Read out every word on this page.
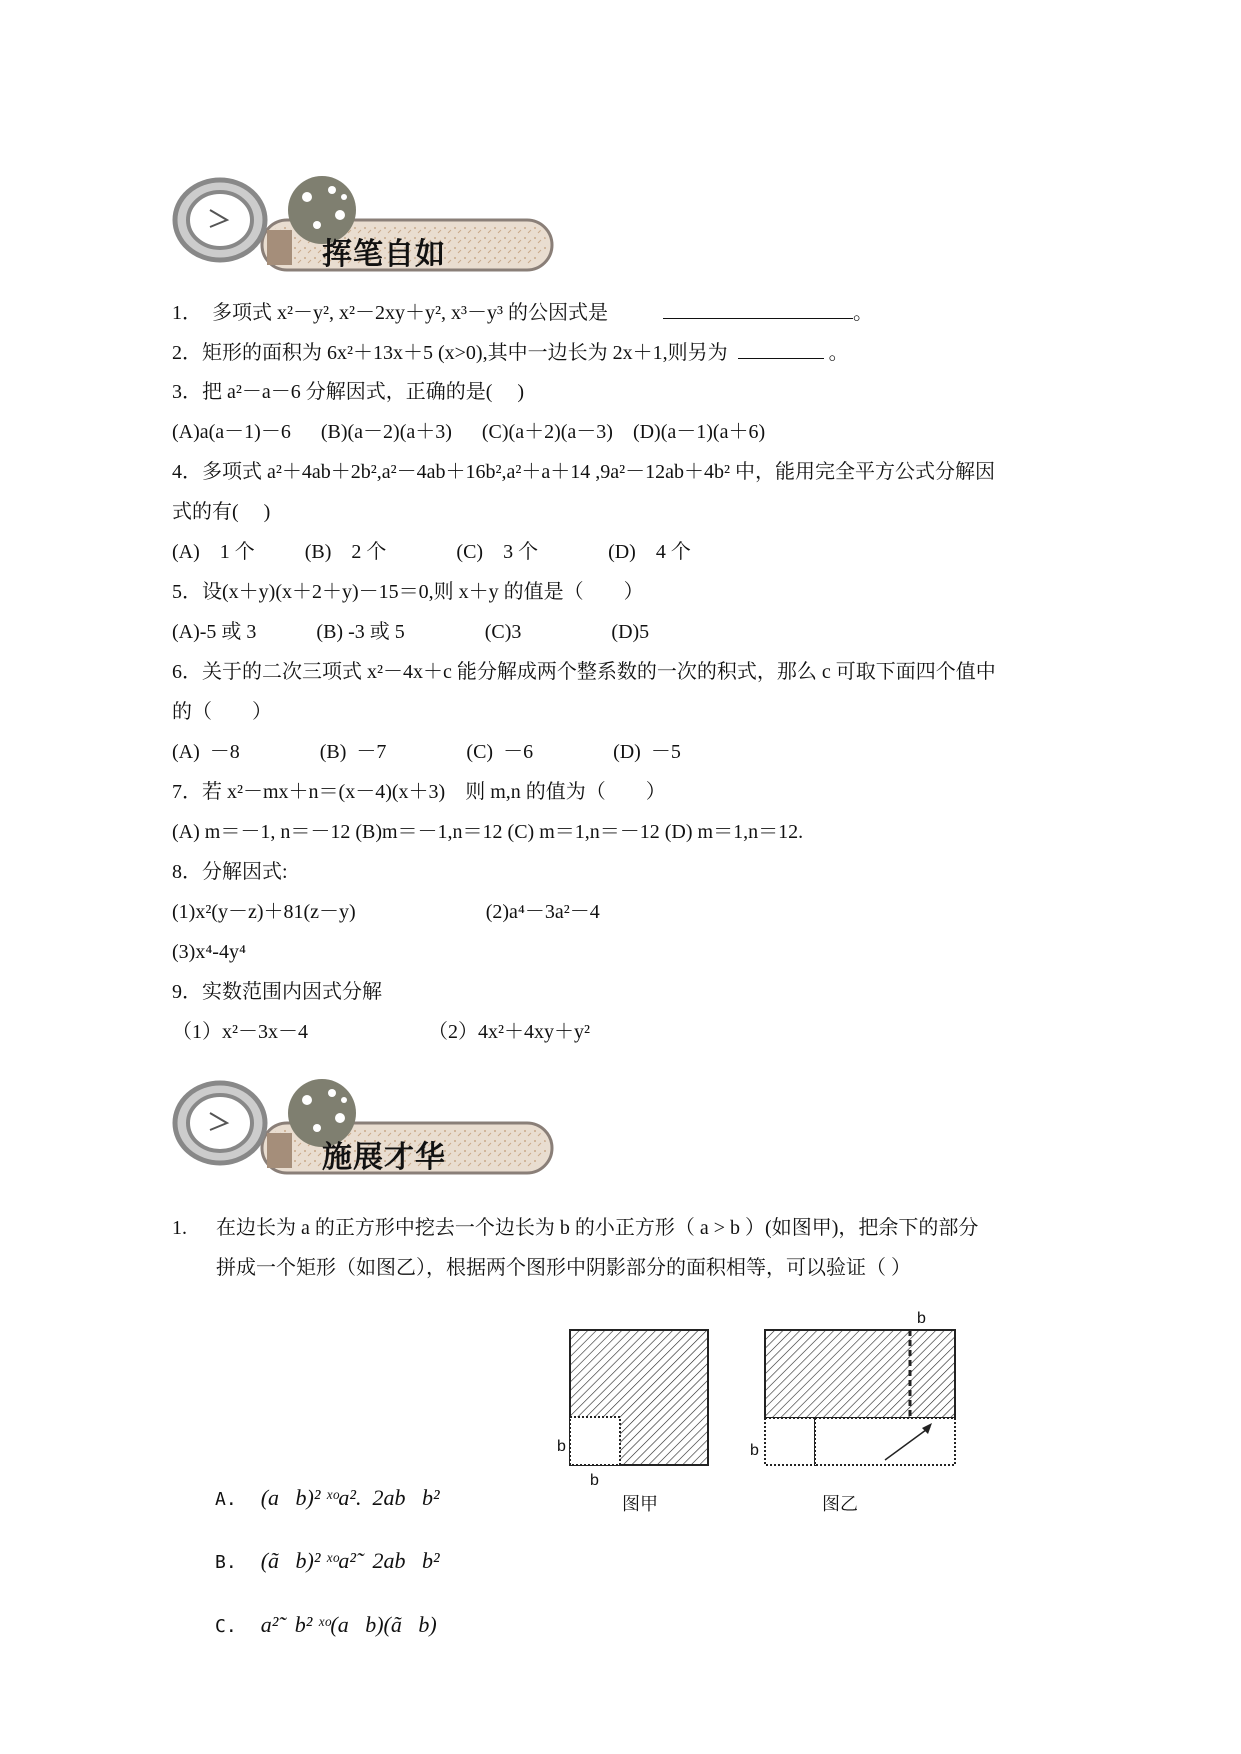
挥笔自如
1．  多项式 x²－y², x²－2xy＋y², x³－y³ 的公因式是	。
2．矩形的面积为 6x²＋13x＋5 (x>0),其中一边长为 2x＋1,则另为	。
3．把 a²－a－6 分解因式，正确的是(     )
(A)a(a－1)－6      (B)(a－2)(a＋3)      (C)(a＋2)(a－3)    (D)(a－1)(a＋6)
4．多项式 a²＋4ab＋2b²,a²－4ab＋16b²,a²＋a＋14 ,9a²－12ab＋4b² 中，能用完全平方公式分解因
式的有(     )
(A)    1 个          (B)    2 个              (C)    3 个              (D)    4 个
5．设(x＋y)(x＋2＋y)－15＝0,则 x＋y 的值是（        ）
(A)-5 或 3            (B) -3 或 5                (C)3                  (D)5
6．关于的二次三项式 x²－4x＋c 能分解成两个整系数的一次的积式，那么 c 可取下面四个值中
的（        ）
(A)  －8                (B)  －7                (C)  －6                (D)  －5
7．若 x²－mx＋n＝(x－4)(x＋3)    则 m,n 的值为（        ）
(A) m＝－1, n＝－12 (B)m＝－1,n＝12 (C) m＝1,n＝－12 (D) m＝1,n＝12.
8．分解因式:
(1)x²(y－z)＋81(z－y)                          (2)a⁴－3a²－4
(3)x⁴-4y⁴
9．实数范围内因式分解
（1）x²－3x－4                        （2）4x²＋4xy＋y²
施展才华
1. 在边长为 a 的正方形中挖去一个边长为 b 的小正方形（ a > b ）(如图甲)，把余下的部分
拼成一个矩形（如图乙），根据两个图形中阴影部分的面积相等，可以验证（ ）
b
b
b
b
图甲	图乙
A. (a   b)² ˣᵒa².  2ab   b²
B. (ã   b)² ˣᵒa²̃   2ab   b²
C. a²̃   b² ˣᵒ(a   b)(ã   b)
